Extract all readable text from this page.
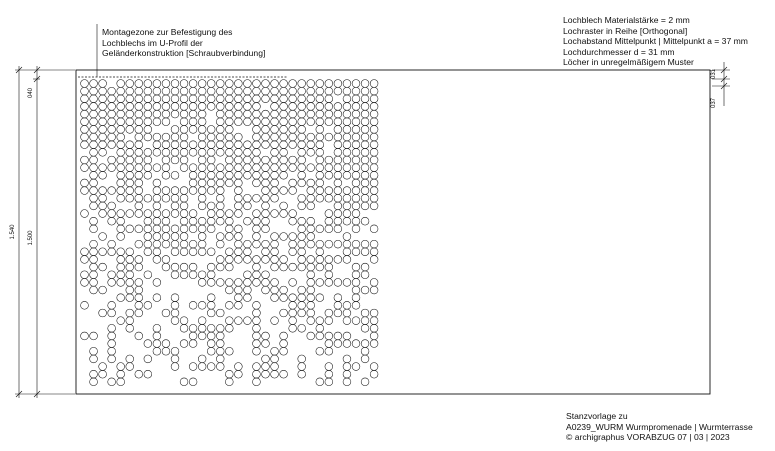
Montagezone zur Befestigung des
Lochblechs im U-Profil der
Geländerkonstruktion [Schraubverbindung]
Lochblech Materialstärke = 2 mm
Lochraster in Reihe [Orthogonal]
Lochabstand Mittelpunkt | Mittelpunkt a = 37 mm
Lochdurchmesser d = 31 mm
Löcher in unregelmäßigem Muster
Stanzvorlage zu
A0239_WURM Wurmpromenade | Wurmterrasse
© archigraphus VORABZUG 07 | 03 | 2023
1.540 1.500
040
031
037
